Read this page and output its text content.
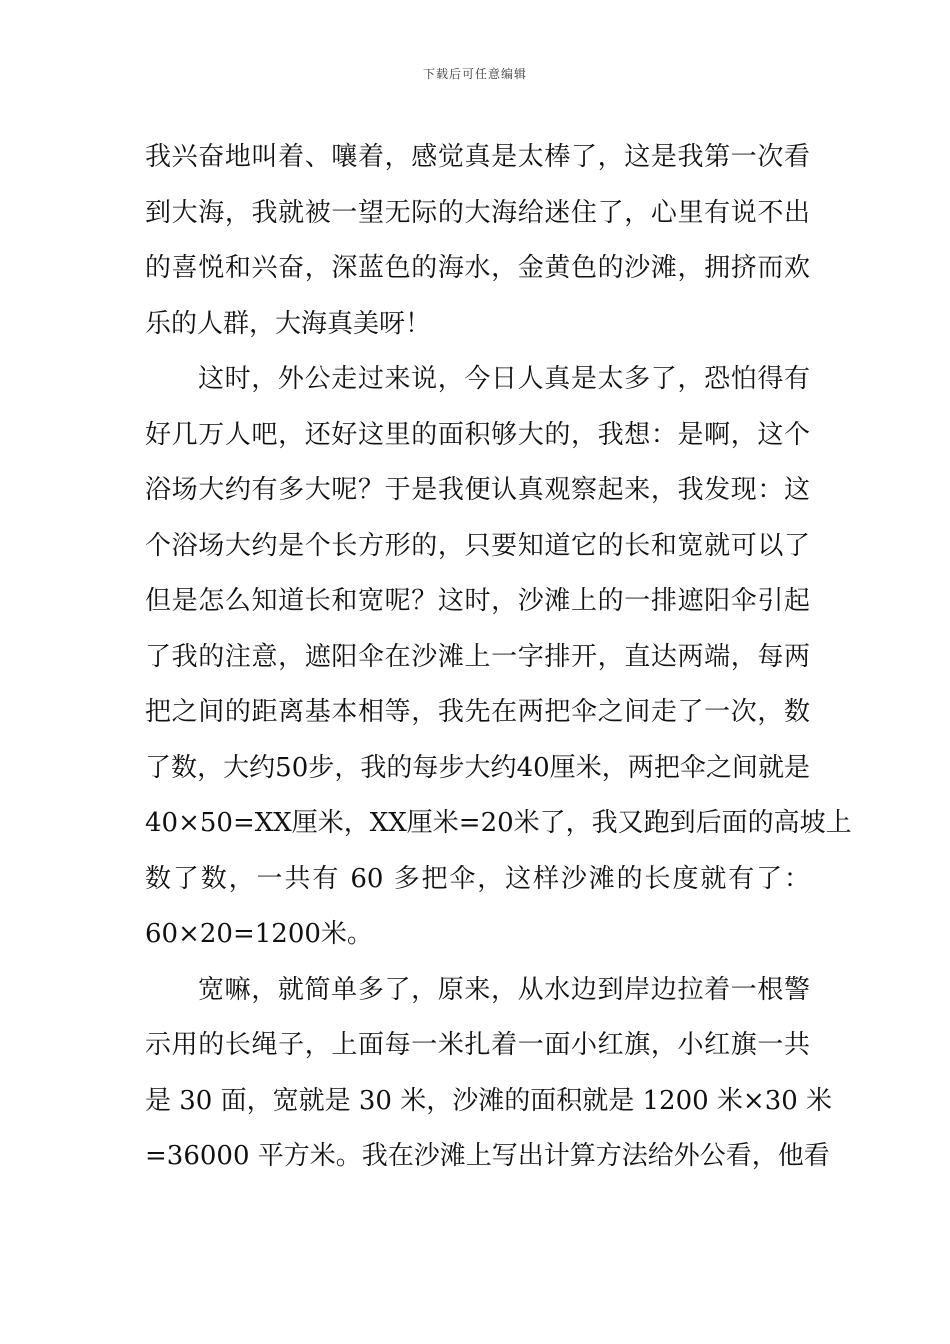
下载后可任意编辑
我兴奋地叫着、嚷着，感觉真是太棒了，这是我第一次看
到大海，我就被一望无际的大海给迷住了，心里有说不出
的喜悦和兴奋，深蓝色的海水，金黄色的沙滩，拥挤而欢
乐的人群，大海真美呀！
这时，外公走过来说，今日人真是太多了，恐怕得有
好几万人吧，还好这里的面积够大的，我想：是啊，这个
浴场大约有多大呢？于是我便认真观察起来，我发现：这
个浴场大约是个长方形的，只要知道它的长和宽就可以了
但是怎么知道长和宽呢？这时，沙滩上的一排遮阳伞引起
了我的注意，遮阳伞在沙滩上一字排开，直达两端，每两
把之间的距离基本相等，我先在两把伞之间走了一次，数
了数，大约50步，我的每步大约40厘米，两把伞之间就是
40×50=XX厘米，XX厘米=20米了，我又跑到后面的高坡上
数了数，一共有 60 多把伞，这样沙滩的长度就有了：
60×20=1200米。
宽嘛，就简单多了，原来，从水边到岸边拉着一根警
示用的长绳子，上面每一米扎着一面小红旗，小红旗一共
是 30 面，宽就是 30 米，沙滩的面积就是 1200 米×30 米
=36000 平方米。我在沙滩上写出计算方法给外公看，他看
